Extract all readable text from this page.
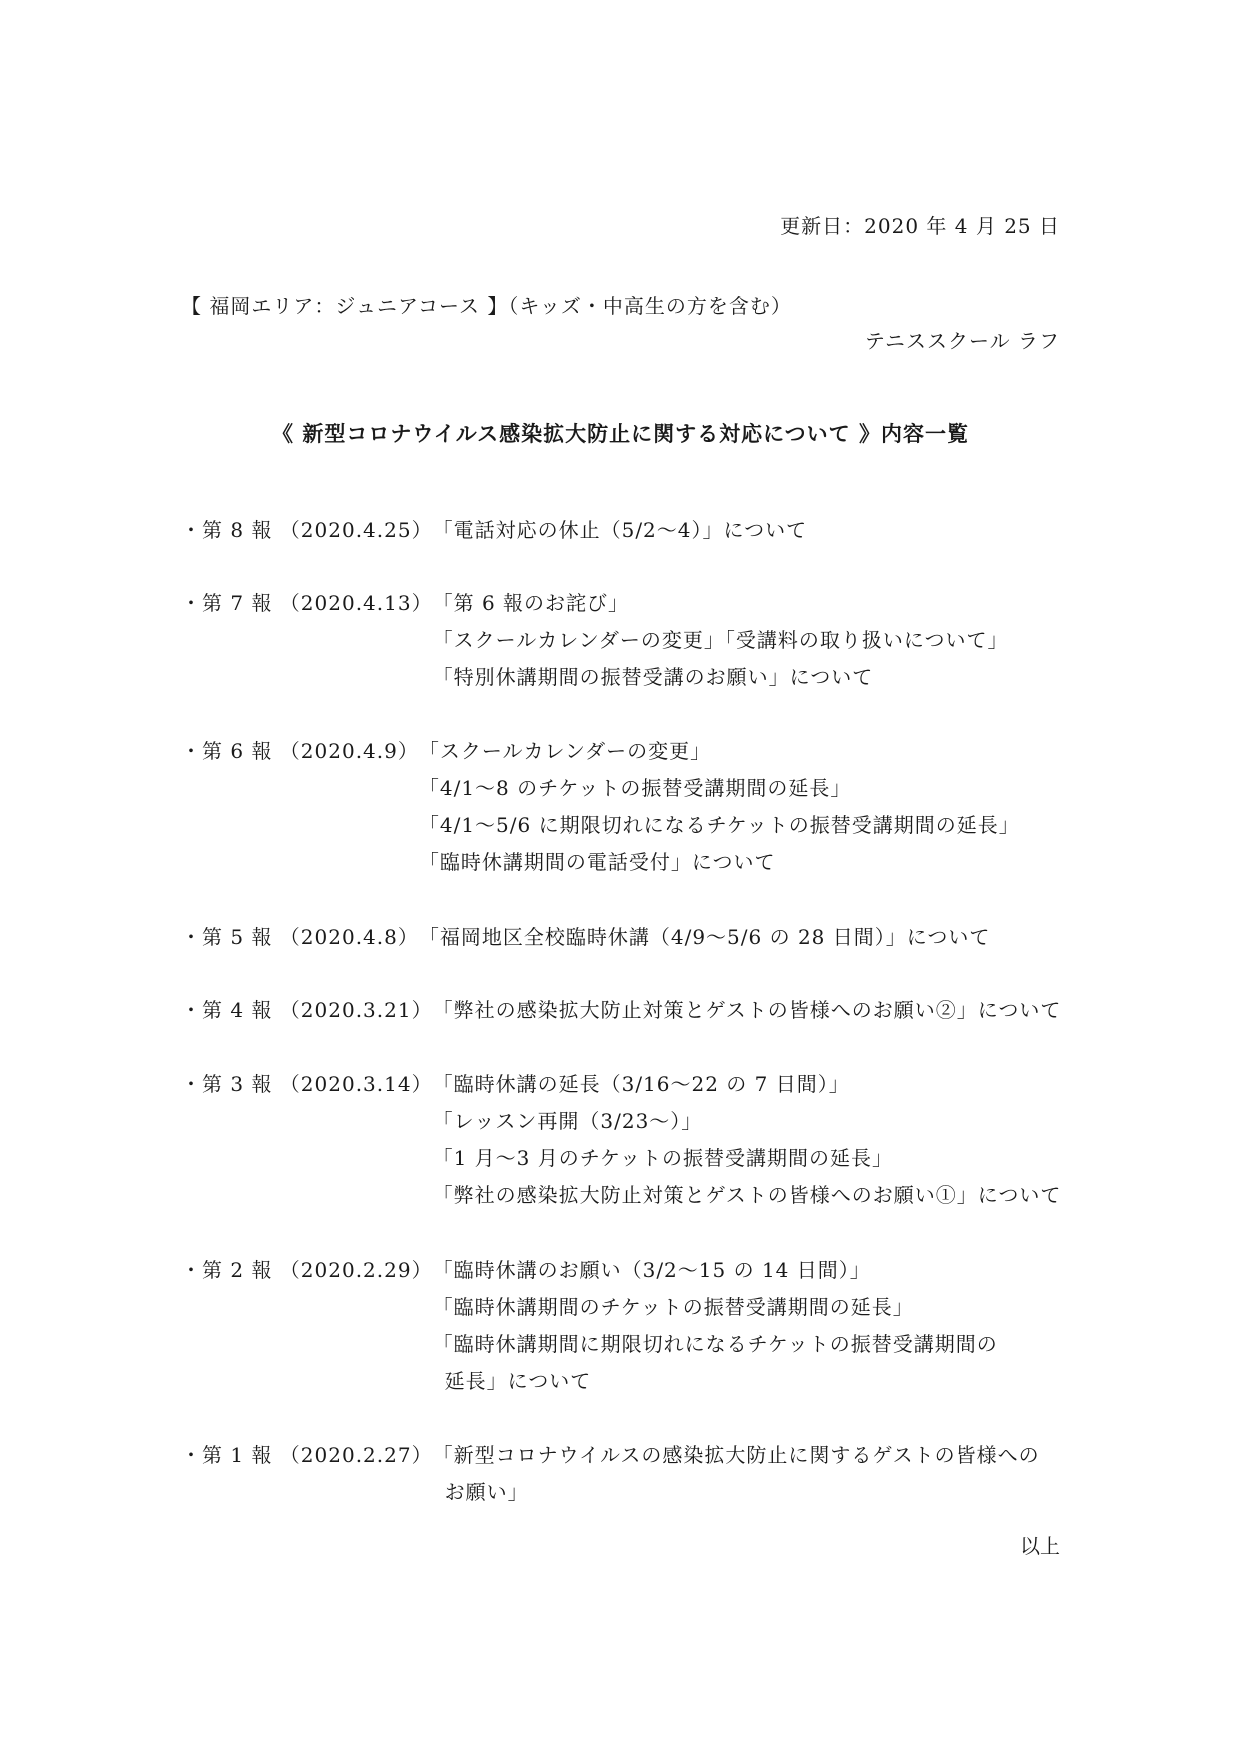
更新日：2020 年 4 月 25 日
【 福岡エリア：ジュニアコース 】（キッズ・中高生の方を含む）
テニススクール ラフ
《 新型コロナウイルス感染拡大防止に関する対応について 》内容一覧
・第 8 報 （2020.4.25） 「電話対応の休止（5/2〜4）」について
・第 7 報 （2020.4.13） 「第 6 報のお詫び」
「スクールカレンダーの変更」「受講料の取り扱いについて」
「特別休講期間の振替受講のお願い」について
・第 6 報 （2020.4.9） 「スクールカレンダーの変更」
「4/1〜8 のチケットの振替受講期間の延長」
「4/1〜5/6 に期限切れになるチケットの振替受講期間の延長」
「臨時休講期間の電話受付」について
・第 5 報 （2020.4.8） 「福岡地区全校臨時休講（4/9〜5/6 の 28 日間）」について
・第 4 報 （2020.3.21） 「弊社の感染拡大防止対策とゲストの皆様へのお願い②」について
・第 3 報 （2020.3.14） 「臨時休講の延長（3/16〜22 の 7 日間）」
「レッスン再開（3/23〜）」
「1 月〜3 月のチケットの振替受講期間の延長」
「弊社の感染拡大防止対策とゲストの皆様へのお願い①」について
・第 2 報 （2020.2.29） 「臨時休講のお願い（3/2〜15 の 14 日間）」
「臨時休講期間のチケットの振替受講期間の延長」
「臨時休講期間に期限切れになるチケットの振替受講期間の
延長」について
・第 1 報 （2020.2.27） 「新型コロナウイルスの感染拡大防止に関するゲストの皆様への
お願い」
以上
